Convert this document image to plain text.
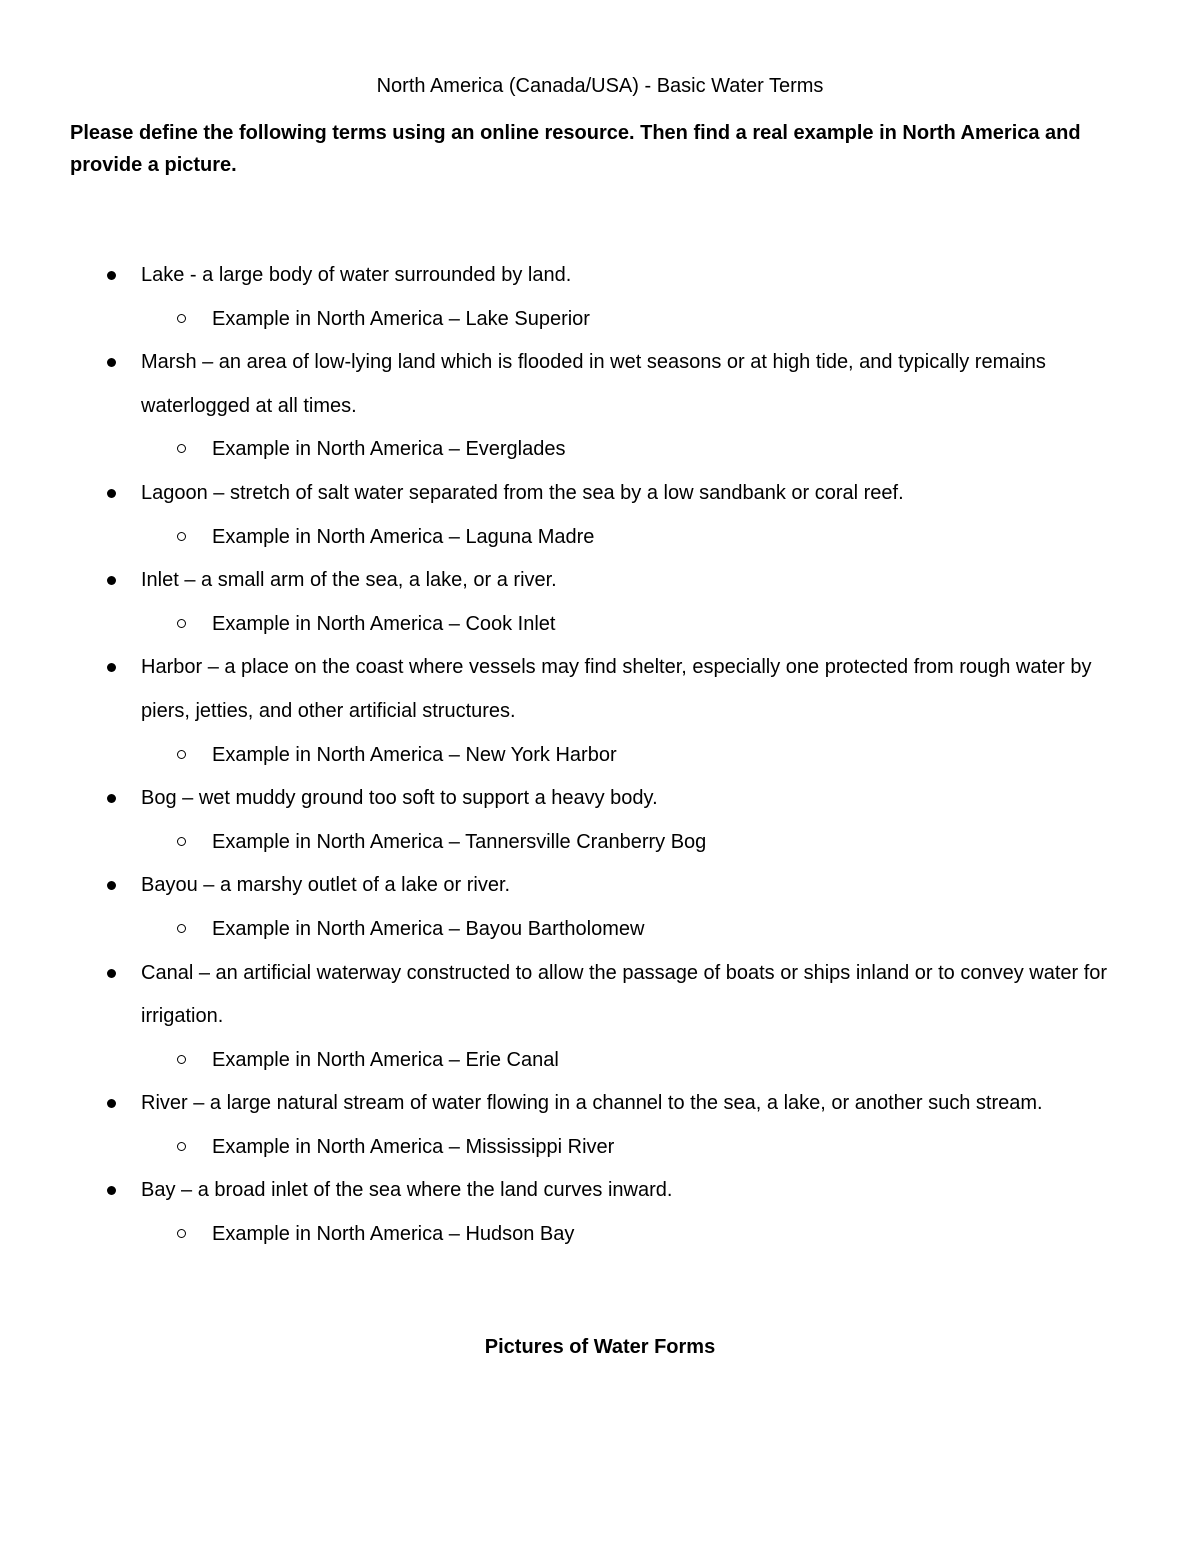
North America (Canada/USA) - Basic Water Terms
Please define the following terms using an online resource. Then find a real example in North America and provide a picture.
Lake - a large body of water surrounded by land.
Example in North America – Lake Superior
Marsh – an area of low-lying land which is flooded in wet seasons or at high tide, and typically remains waterlogged at all times.
Example in North America – Everglades
Lagoon – stretch of salt water separated from the sea by a low sandbank or coral reef.
Example in North America – Laguna Madre
Inlet – a small arm of the sea, a lake, or a river.
Example in North America – Cook Inlet
Harbor – a place on the coast where vessels may find shelter, especially one protected from rough water by piers, jetties, and other artificial structures.
Example in North America – New York Harbor
Bog – wet muddy ground too soft to support a heavy body.
Example in North America – Tannersville Cranberry Bog
Bayou – a marshy outlet of a lake or river.
Example in North America – Bayou Bartholomew
Canal – an artificial waterway constructed to allow the passage of boats or ships inland or to convey water for irrigation.
Example in North America – Erie Canal
River – a large natural stream of water flowing in a channel to the sea, a lake, or another such stream.
Example in North America – Mississippi River
Bay – a broad inlet of the sea where the land curves inward.
Example in North America – Hudson Bay
Pictures of Water Forms
